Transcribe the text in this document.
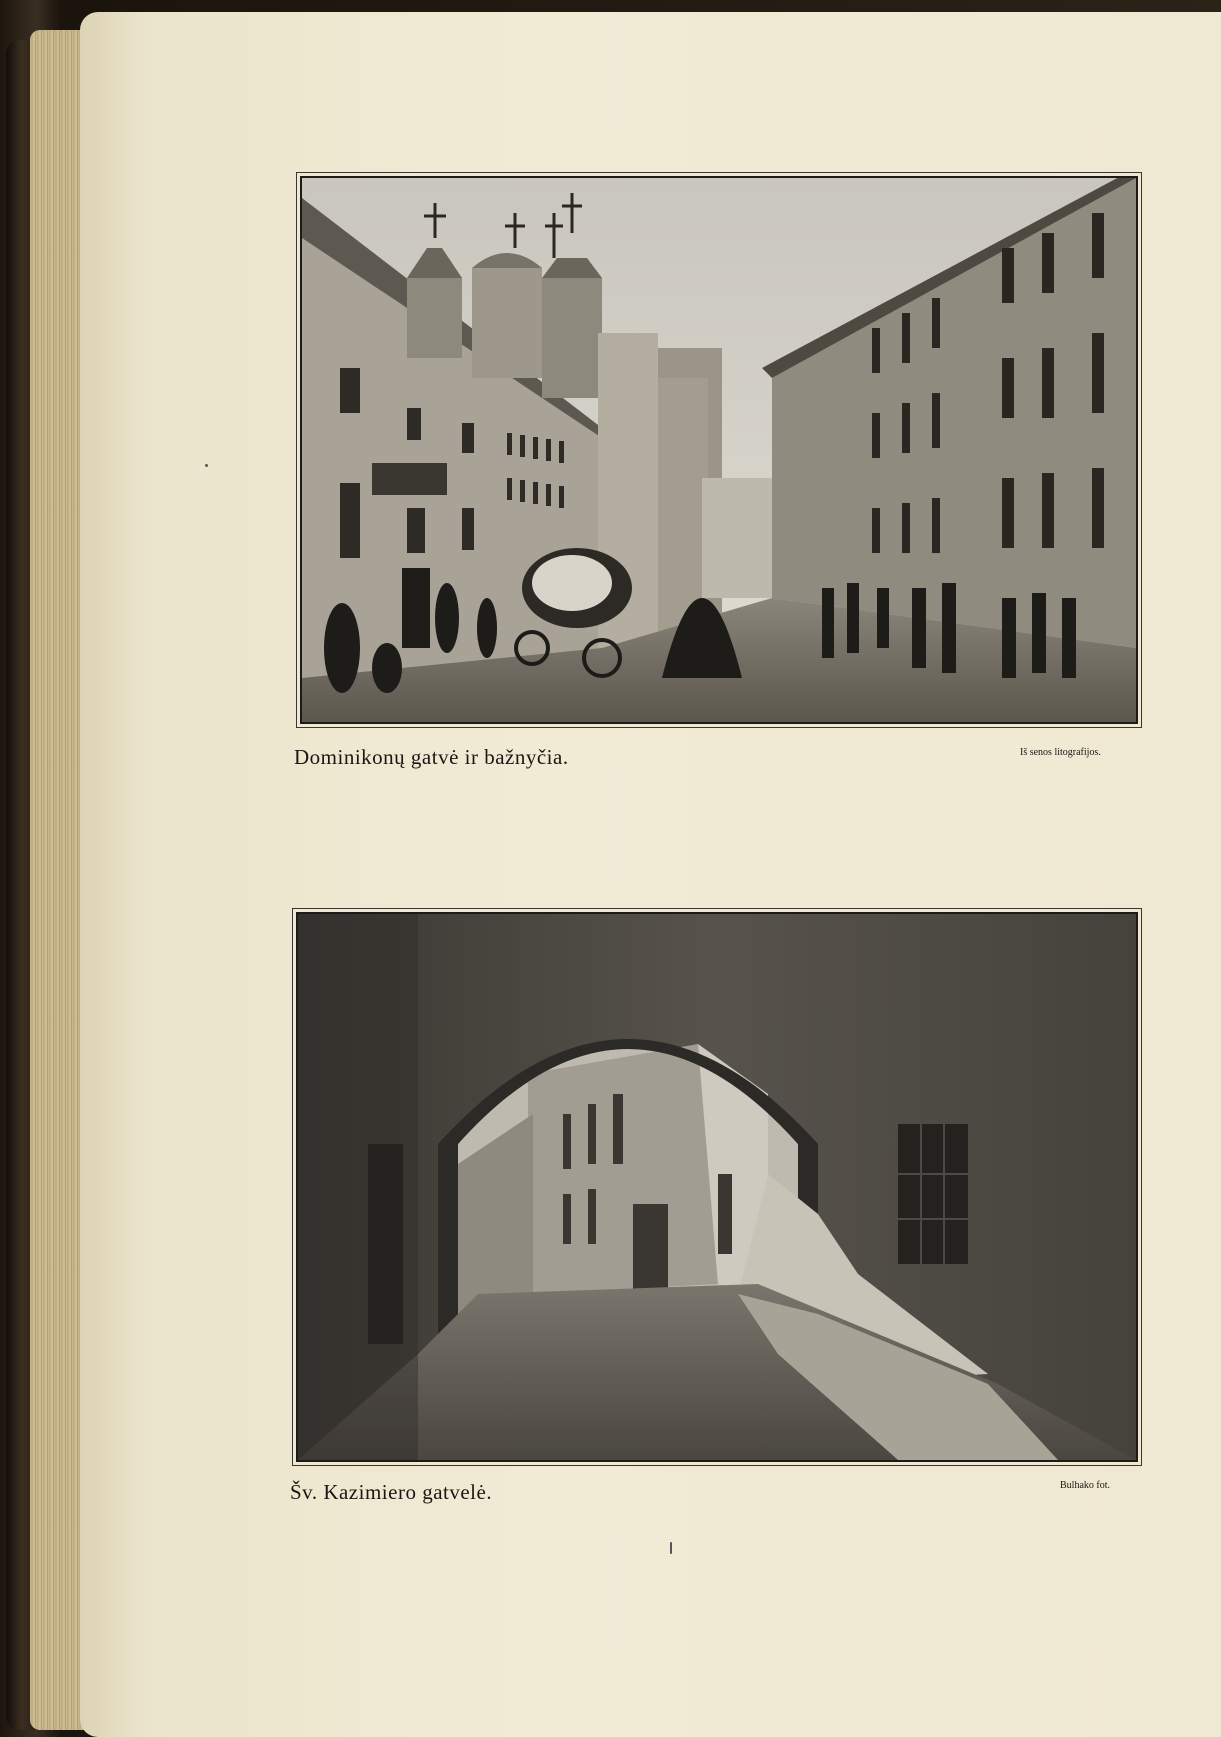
Dominikonų gatvė ir bažnyčia.	Iš senos litografijos.
Šv. Kazimiero gatvelė.	Bulhako fot.
